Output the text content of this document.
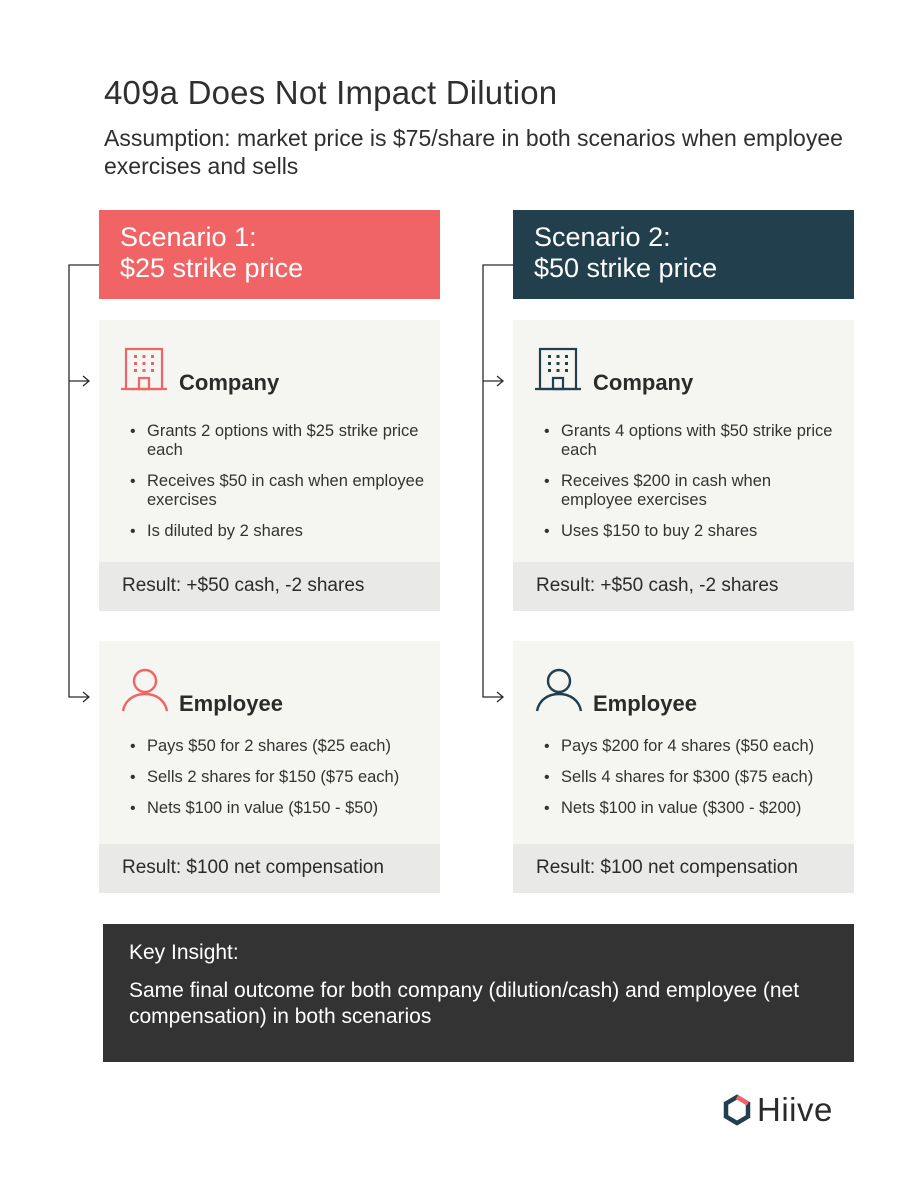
409a Does Not Impact Dilution
Assumption: market price is $75/share in both scenarios when employee exercises and sells
Scenario 1:
$25 strike price
Scenario 2:
$50 strike price
Company
• Grants 2 options with $25 strike price each
• Receives $50 in cash when employee exercises
• Is diluted by 2 shares
Result: +$50 cash, -2 shares
Company
• Grants 4 options with $50 strike price each
• Receives $200 in cash when employee exercises
• Uses $150 to buy 2 shares
Result: +$50 cash, -2 shares
Employee
• Pays $50 for 2 shares ($25 each)
• Sells 2 shares for $150 ($75 each)
• Nets $100 in value ($150 - $50)
Result: $100 net compensation
Employee
• Pays $200 for 4 shares ($50 each)
• Sells 4 shares for $300 ($75 each)
• Nets $100 in value ($300 - $200)
Result: $100 net compensation
Key Insight:
Same final outcome for both company (dilution/cash) and employee (net compensation) in both scenarios
Hiive
